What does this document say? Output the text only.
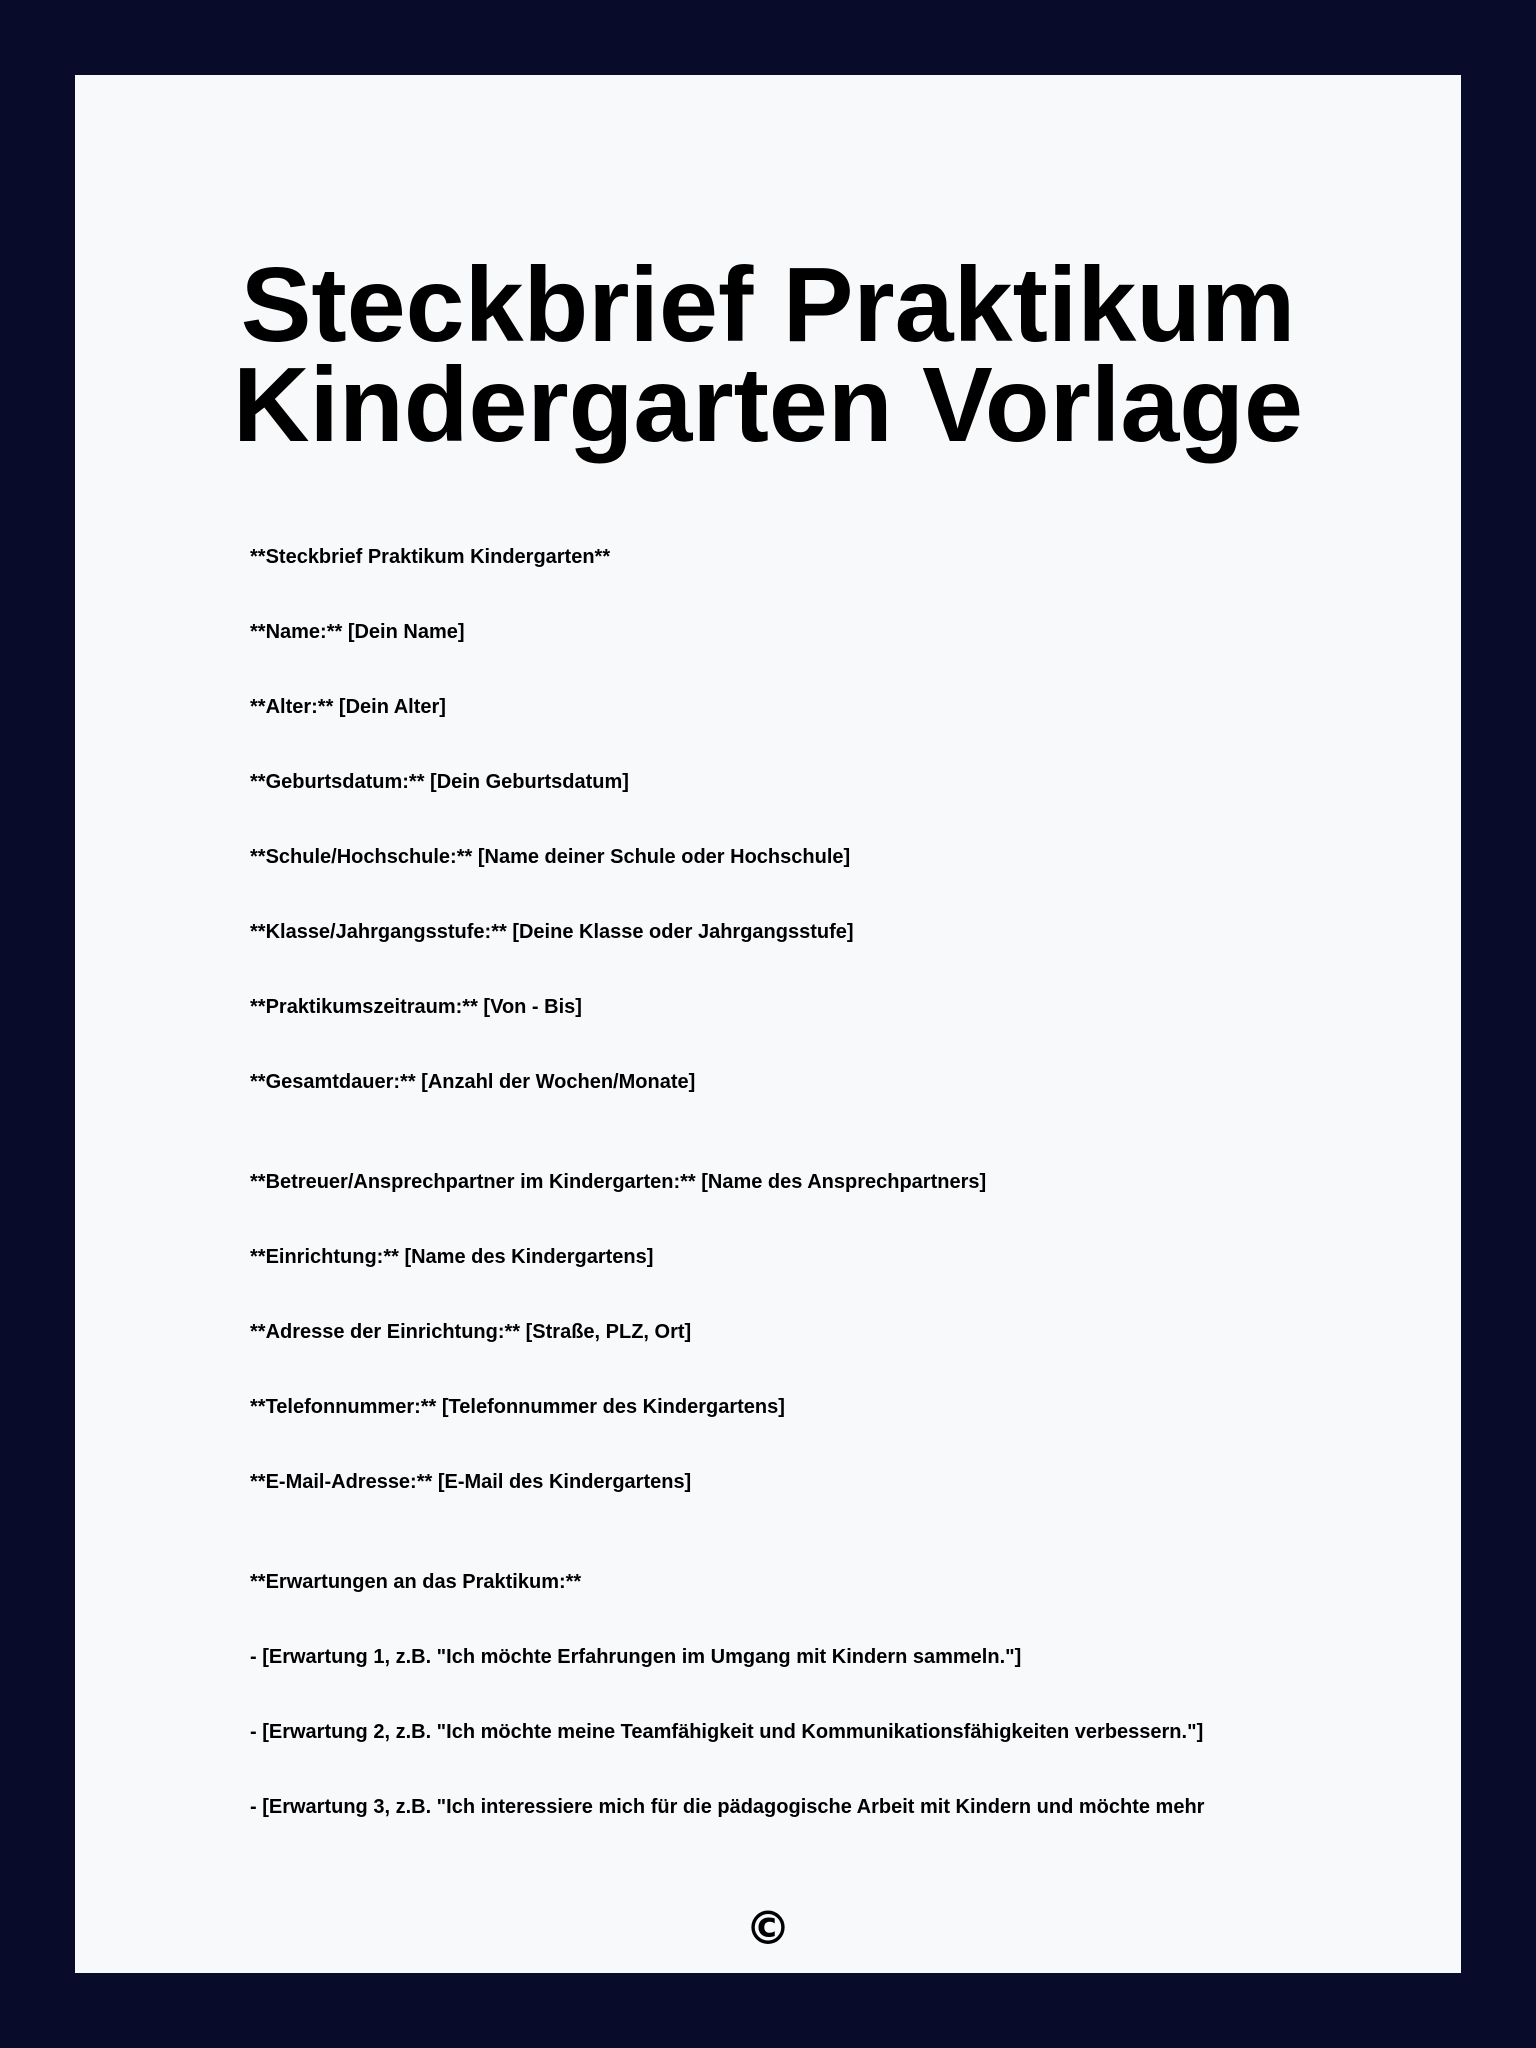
Steckbrief Praktikum
Kindergarten Vorlage
**Steckbrief Praktikum Kindergarten**
**Name:** [Dein Name]
**Alter:** [Dein Alter]
**Geburtsdatum:** [Dein Geburtsdatum]
**Schule/Hochschule:** [Name deiner Schule oder Hochschule]
**Klasse/Jahrgangsstufe:** [Deine Klasse oder Jahrgangsstufe]
**Praktikumszeitraum:** [Von - Bis]
**Gesamtdauer:** [Anzahl der Wochen/Monate]
**Betreuer/Ansprechpartner im Kindergarten:** [Name des Ansprechpartners]
**Einrichtung:** [Name des Kindergartens]
**Adresse der Einrichtung:** [Straße, PLZ, Ort]
**Telefonnummer:** [Telefonnummer des Kindergartens]
**E-Mail-Adresse:** [E-Mail des Kindergartens]
**Erwartungen an das Praktikum:**
- [Erwartung 1, z.B. "Ich möchte Erfahrungen im Umgang mit Kindern sammeln."]
- [Erwartung 2, z.B. "Ich möchte meine Teamfähigkeit und Kommunikationsfähigkeiten verbessern."]
- [Erwartung 3, z.B. "Ich interessiere mich für die pädagogische Arbeit mit Kindern und möchte mehr
©
